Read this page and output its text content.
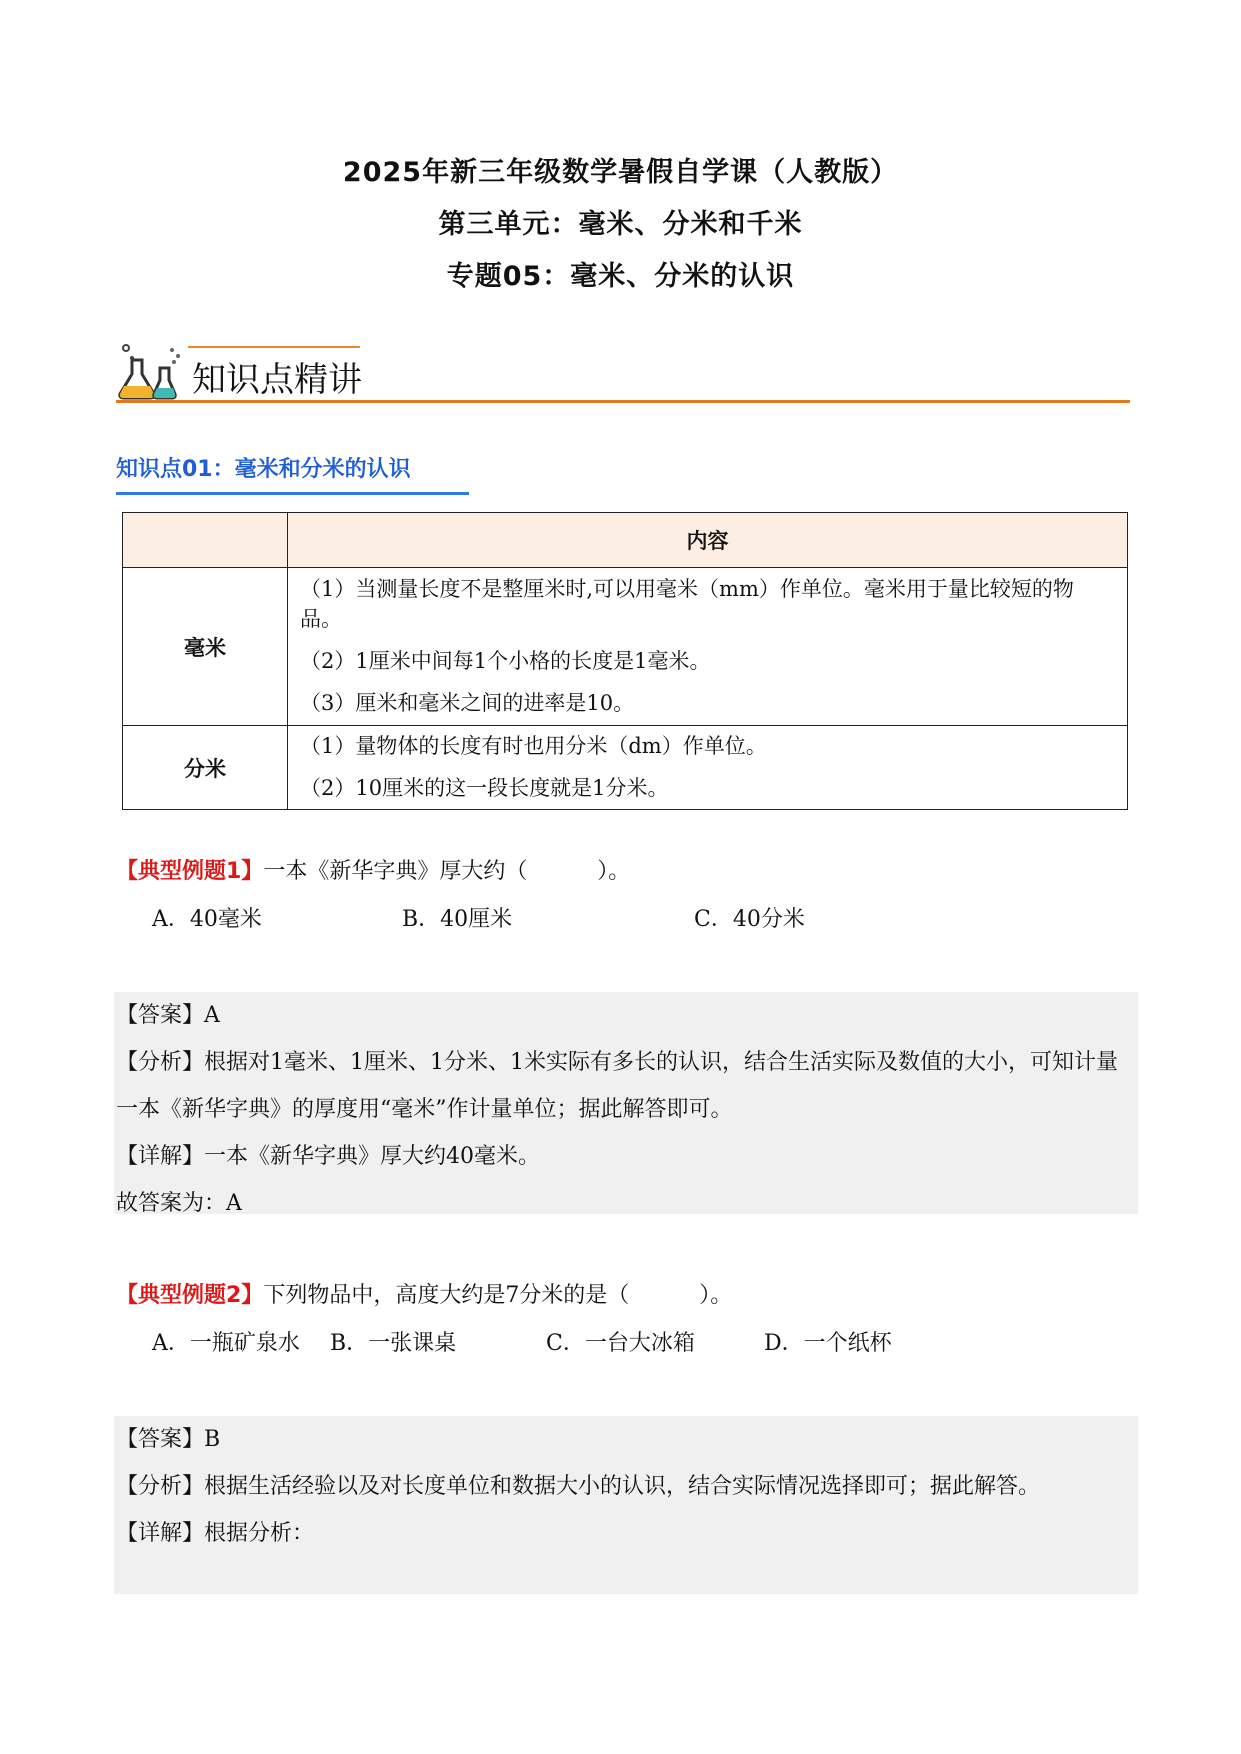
2025年新三年级数学暑假自学课（人教版）
第三单元：毫米、分米和千米
专题05：毫米、分米的认识
知识点精讲
知识点01：毫米和分米的认识
	内容
毫米	（1）当测量长度不是整厘米时,可以用毫米（mm）作单位。毫米用于量比较短的物品。

（2）1厘米中间每1个小格的长度是1毫米。

（3）厘米和毫米之间的进率是10。

分米	（1）量物体的长度有时也用分米（dm）作单位。

（2）10厘米的这一段长度就是1分米。

【典型例题1】一本《新华字典》厚大约（          ）。
A．40毫米	B．40厘米	C．40分米

【答案】A

【分析】根据对1毫米、1厘米、1分米、1米实际有多长的认识，结合生活实际及数值的大小，可知计量一本《新华字典》的厚度用“毫米”作计量单位；据此解答即可。

【详解】一本《新华字典》厚大约40毫米。

故答案为：A

【典型例题2】下列物品中，高度大约是7分米的是（          ）。
A．一瓶矿泉水 B．一张课桌	C．一台大冰箱	D．一个纸杯

【答案】B

【分析】根据生活经验以及对长度单位和数据大小的认识，结合实际情况选择即可；据此解答。

【详解】根据分析：
